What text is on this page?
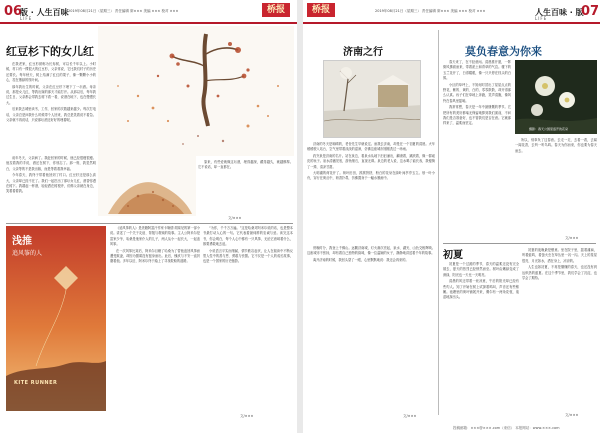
06
版 · 人生百味
LIFE
2019年08月21日（星期三） 责任编辑 廖××× 美编 ××× 校对 ×××	桥报
红豆杉下的女儿红

在我老家，红豆杉被称为长寿树，可以长千年以上。小时候，村口有一棵很大的红豆杉，父亲常说，它比我们村子的历史还要长。每年秋天，树上结满了红红的果子，像一颗颗小小的心，挂在墨绿的枝叶间。

那年我出生的时候，父亲在红豆杉下埋下了一坛酒。母亲说，那是女儿红，等我出嫁的那天才能打开。从那以后，每年我过生日，父亲都会带我去树下看一看，说酒在地下，也在慢慢长大。

后来我去城里读书，工作，回家的次数越来越少。每次打电话，父亲总是问我什么时候带个人回来，我总是笑着说不着急。父亲就不再说话，只说那坛酒还好好的埋着呢。

原来，有些爱就像这坛酒，埋得越深，藏得越久，就越醇厚。它不说话，却一直都在。

前年冬天，父亲病了。我赶回家的时候，他已经很瘦很瘦。他拉着我的手说，酒还在树下，你别忘了。那一刻，我忽然明白，父亲等的不是我出嫁，而是等着看我幸福。

今年春天，我终于带着他回到了村口。红豆杉还是那么高大，父亲却已经不在了。我们一起挖出了那坛女儿红，酒香弥漫在树下。我端起一杯酒，轻轻洒在树根旁，仿佛父亲就在身边，笑着看着我。

文/×××
浅推
追风筝的人
KITE RUNNER

《追风筝的人》是美籍阿富汗作家卡勒德·胡赛尼的第一部小说。讲述了一个关于友谊、背叛与救赎的故事。主人公阿米尔是富家少爷，哈桑是他家仆人的儿子，两人从小一起长大，一起追风筝。

在一次风筝比赛后，阿米尔目睹了哈桑为了替他追回风筝而遭受欺凌，却因为懦弱没有挺身而出。此后，愧疚与不安一直折磨着他。多年以后，阿米尔终于踏上了寻找救赎的道路。

“为你，千千万万遍。”这是哈桑对阿米尔说的话，也是整本书最打动人心的一句。它代表着最纯粹的忠诚与爱。读完这本书，你会明白，每个人心中都有一只风筝，无论它意味着什么，都要勇敢地去追。

小说语言平实而细腻，情节跌宕起伏，让人在阅读中不断反思人性中的善与恶、勇敢与怯懦。它不仅是一个人的成长故事，也是一个国家的历史缩影。

文/×××
桥报	2019年08月21日（星期三） 责任编辑 廖××× 美编 ××× 校对 ×××	人生百味 · 版
LIFE	07
济南之行

济南的冬天是响晴的，老舍先生早就说过。而我去济南，却是在一个初夏的清晨。火车缓缓驶入站台，空气里带着淡淡的湿润，仿佛这座城市刚刚洗过一场雨。

趵突泉是济南的名片。站在泉边，看泉水从地下汩汩涌出，翻滚着，跳跃着，像一群顽皮的孩子。泉水清澈见底，游鱼细石，直视无碍。泉边的老人说，这水喝了能长寿，我便掬了一捧，清凉甘甜。

大明湖的荷花开了。荷叶田田，挨挨挤挤，粉白的花朵在绿叶间亭亭玉立。划一叶小舟，穿行在荷丛中，荷香扑鼻，仿佛置身于一幅水墨画中。

傍晚时分，我登上千佛山。远眺济南城，灯火渐次亮起，泉水、湖光、山色交相辉映。这座城市不张扬，却有着自己独特的韵味，像一位温婉的女子，静静地讲述着千年的故事。

离开济南的时候，我回头望了一眼，心里默默地说：我还会再来的。

文/×××
莫负春意为你来

春天来了，在不经意间。清晨推开窗，一阵微风拂面而来，带着泥土和青草的气息。楼下的玉兰花开了，白得耀眼，像一只只停在枝头的白鸽。

小区的草坪上，不知何时冒出了星星点点的野花，紫的、黄的、白的，零零散散，却开得那么认真。孩子们在草地上奔跑，笑声清脆，像风铃在春风里摇响。

我常常想，春天是一年中最慷慨的季节。它把所有的美好都毫无保留地捧到我们面前，不问我们是否准备好，也不管我们是否在意。它就那样来了，温柔而坚定。

摄影：春天公园里盛开的花朵

所以，别辜负了这春意。去走一走，去看一看，去闻一闻花香，去听一听鸟鸣。春天为你而来，你也要为春天而去。

文/×××
初夏

初夏是一个过渡的季节，春天的温柔还没有完全褪去，夏天的热烈已经悄然而至。树叶由嫩绿变成了深绿，阳光也一天比一天明亮。

清晨的风还带着一丝凉意，午后的阳光却已经有些灼人。知了开始在树上试探着鸣叫，声音还有些稚嫩。池塘里的荷叶铺展开来，偶尔有一两朵花苞，羞涩地探出头。

初夏的夜晚最是惬意。坐在院子里，摇着蒲扇，听着蛙鸣，看萤火虫在草丛里一闪一闪。天上的星星很亮，月光如水，洒在身上，凉凉的。

人生也如初夏，不再是懵懂的春天，也还没有到达炽热的盛夏。在这个季节里，我们学会了沉淀，也学会了期待。

文/×××
投稿邮箱：×××@×××.com（来信） 本报网站：www.×××.com
